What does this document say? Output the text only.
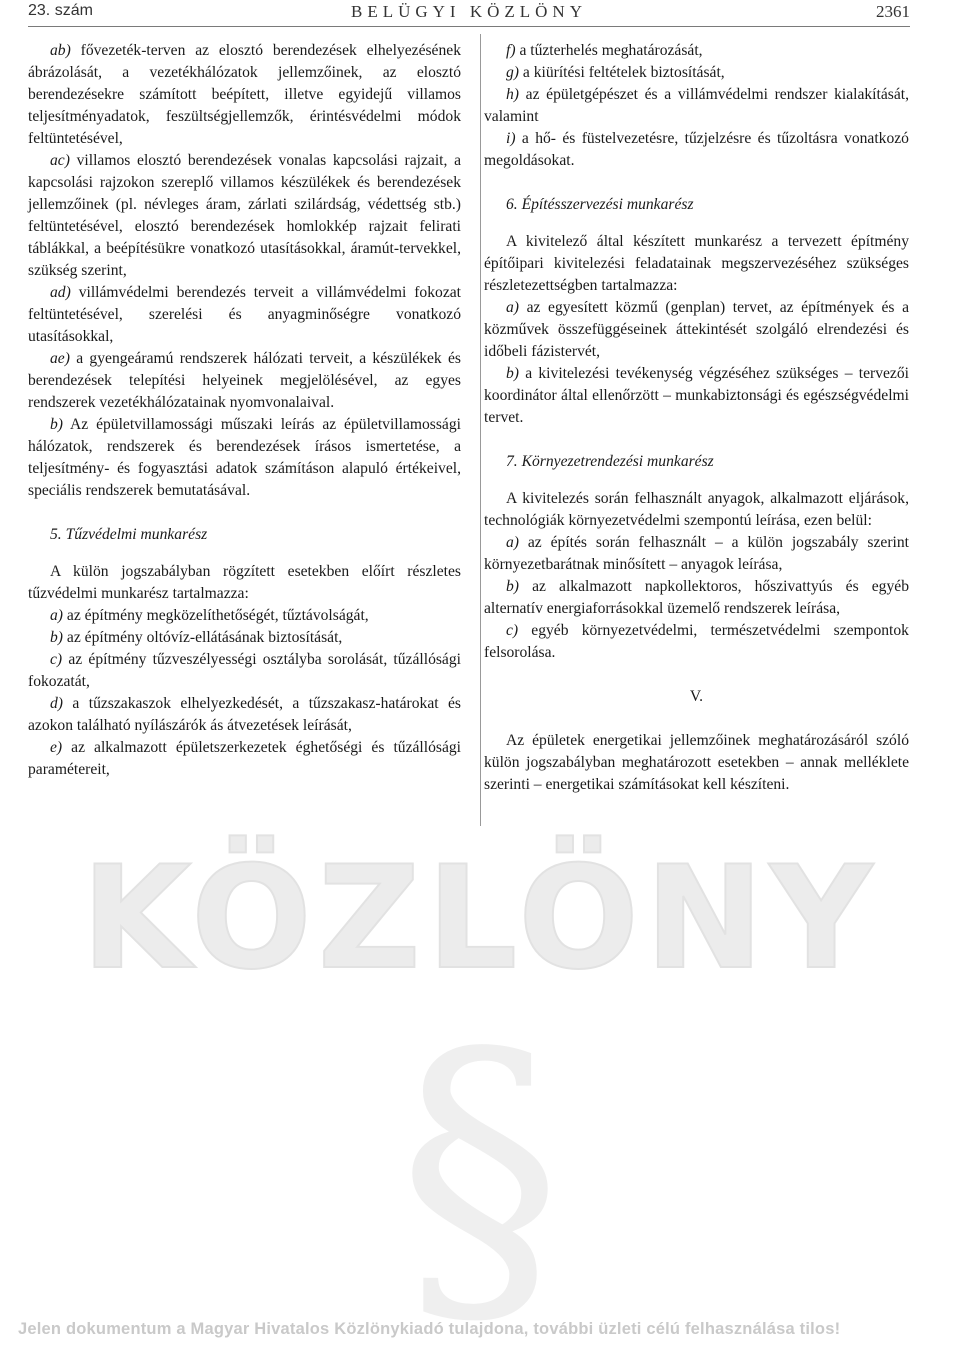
KÖZLÖNY
§
23. szám	BELÜGYI KÖZLÖNY	2361

ab) fővezeték-terven az elosztó berendezések elhelyezésének ábrázolását, a vezetékhálózatok jellemzőinek, az elosztó berendezésekre számított beépített, illetve egyidejű villamos teljesítményadatok, feszültségjellemzők, érintésvédelmi módok feltüntetésével,

ac) villamos elosztó berendezések vonalas kapcsolási rajzait, a kapcsolási rajzokon szereplő villamos készülékek és berendezések jellemzőinek (pl. névleges áram, zárlati szilárdság, védettség stb.) feltüntetésével, elosztó berendezések homlokkép rajzait felirati táblákkal, a beépítésükre vonatkozó utasításokkal, áramút-tervekkel, szükség szerint,

ad) villámvédelmi berendezés terveit a villámvédelmi fokozat feltüntetésével, szerelési és anyagminőségre vonatkozó utasításokkal,

ae) a gyengeáramú rendszerek hálózati terveit, a készülékek és berendezések telepítési helyeinek megjelölésével, az egyes rendszerek vezetékhálózatainak nyomvonalaival.

b) Az épületvillamossági műszaki leírás az épületvillamossági hálózatok, rendszerek és berendezések írásos ismertetése, a teljesítmény- és fogyasztási adatok számításon alapuló értékeivel, speciális rendszerek bemutatásával.

5. Tűzvédelmi munkarész

A külön jogszabályban rögzített esetekben előírt részletes tűzvédelmi munkarész tartalmazza:

a) az építmény megközelíthetőségét, tűztávolságát,

b) az építmény oltóvíz-ellátásának biztosítását,

c) az építmény tűzveszélyességi osztályba sorolását, tűzállósági fokozatát,

d) a tűzszakaszok elhelyezkedését, a tűzszakasz-határokat és azokon található nyílászárók ás átvezetések leírását,

e) az alkalmazott épületszerkezetek éghetőségi és tűzállósági paramétereit,

f) a tűzterhelés meghatározását,

g) a kiürítési feltételek biztosítását,

h) az épületgépészet és a villámvédelmi rendszer kialakítását, valamint

i) a hő- és füstelvezetésre, tűzjelzésre és tűzoltásra vonatkozó megoldásokat.

6. Építésszervezési munkarész

A kivitelező által készített munkarész a tervezett építmény építőipari kivitelezési feladatainak megszervezéséhez szükséges részletezettségben tartalmazza:

a) az egyesített közmű (genplan) tervet, az építmények és a közművek összefüggéseinek áttekintését szolgáló elrendezési és időbeli fázistervét,

b) a kivitelezési tevékenység végzéséhez szükséges – tervezői koordinátor által ellenőrzött – munkabiztonsági és egészségvédelmi tervet.

7. Környezetrendezési munkarész

A kivitelezés során felhasznált anyagok, alkalmazott eljárások, technológiák környezetvédelmi szempontú leírása, ezen belül:

a) az építés során felhasznált – a külön jogszabály szerint környezetbarátnak minősített – anyagok leírása,

b) az alkalmazott napkollektoros, hőszivattyús és egyéb alternatív energiaforrásokkal üzemelő rendszerek leírása,

c) egyéb környezetvédelmi, természetvédelmi szempontok felsorolása.

V.

Az épületek energetikai jellemzőinek meghatározásáról szóló külön jogszabályban meghatározott esetekben – annak melléklete szerinti – energetikai számításokat kell készíteni.

Jelen dokumentum a Magyar Hivatalos Közlönykiadó tulajdona, további üzleti célú felhasználása tilos!
